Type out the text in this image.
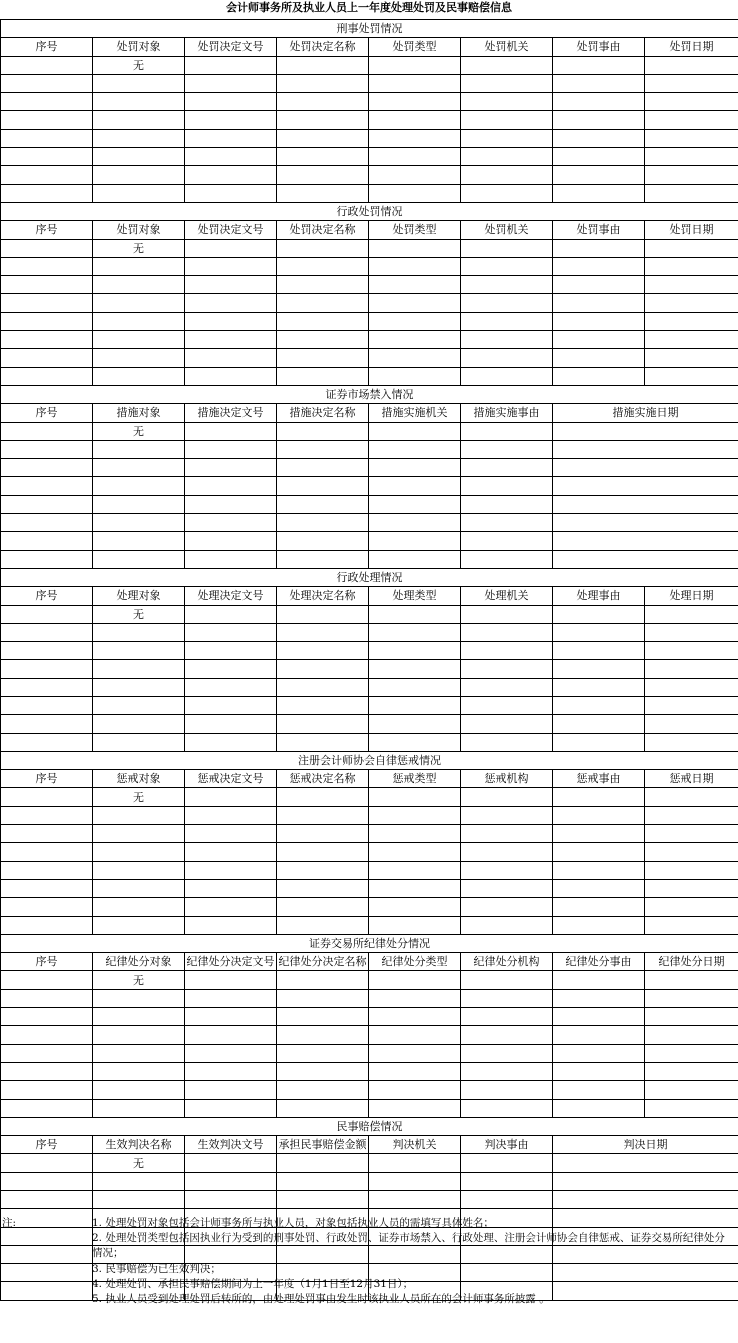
会计师事务所及执业人员上一年度处理处罚及民事赔偿信息
刑事处罚情况							
序号	处罚对象	处罚决定文号	处罚决定名称	处罚类型	处罚机关	处罚事由	处罚日期
	无						

行政处罚情况							
序号	处罚对象	处罚决定文号	处罚决定名称	处罚类型	处罚机关	处罚事由	处罚日期
	无						

证券市场禁入情况							
序号	措施对象	措施决定文号	措施决定名称	措施实施机关	措施实施事由	措施实施日期	
	无						

行政处理情况							
序号	处理对象	处理决定文号	处理决定名称	处理类型	处理机关	处理事由	处理日期
	无						

注册会计师协会自律惩戒情况							
序号	惩戒对象	惩戒决定文号	惩戒决定名称	惩戒类型	惩戒机构	惩戒事由	惩戒日期
	无						

证券交易所纪律处分情况							
序号	纪律处分对象	纪律处分决定文号	纪律处分决定名称	纪律处分类型	纪律处分机构	纪律处分事由	纪律处分日期
	无						

民事赔偿情况							
序号	生效判决名称	生效判决文号	承担民事赔偿金额	判决机关	判决事由	判决日期	
	无						

注:	1. 处理处罚对象包括会计师事务所与执业人员，对象包括执业人员的需填写具体姓名；
2. 处理处罚类型包括因执业行为受到的刑事处罚、行政处罚、证券市场禁入、行政处理、注册会计师协会自律惩戒、证券交易所纪律处分情况；
3. 民事赔偿为已生效判决；
4. 处理处罚、承担民事赔偿期间为上一年度（1月1日至12月31日）；
5. 执业人员受到处理处罚后转所的，由处理处罚事由发生时该执业人员所在的会计师事务所披露 。
